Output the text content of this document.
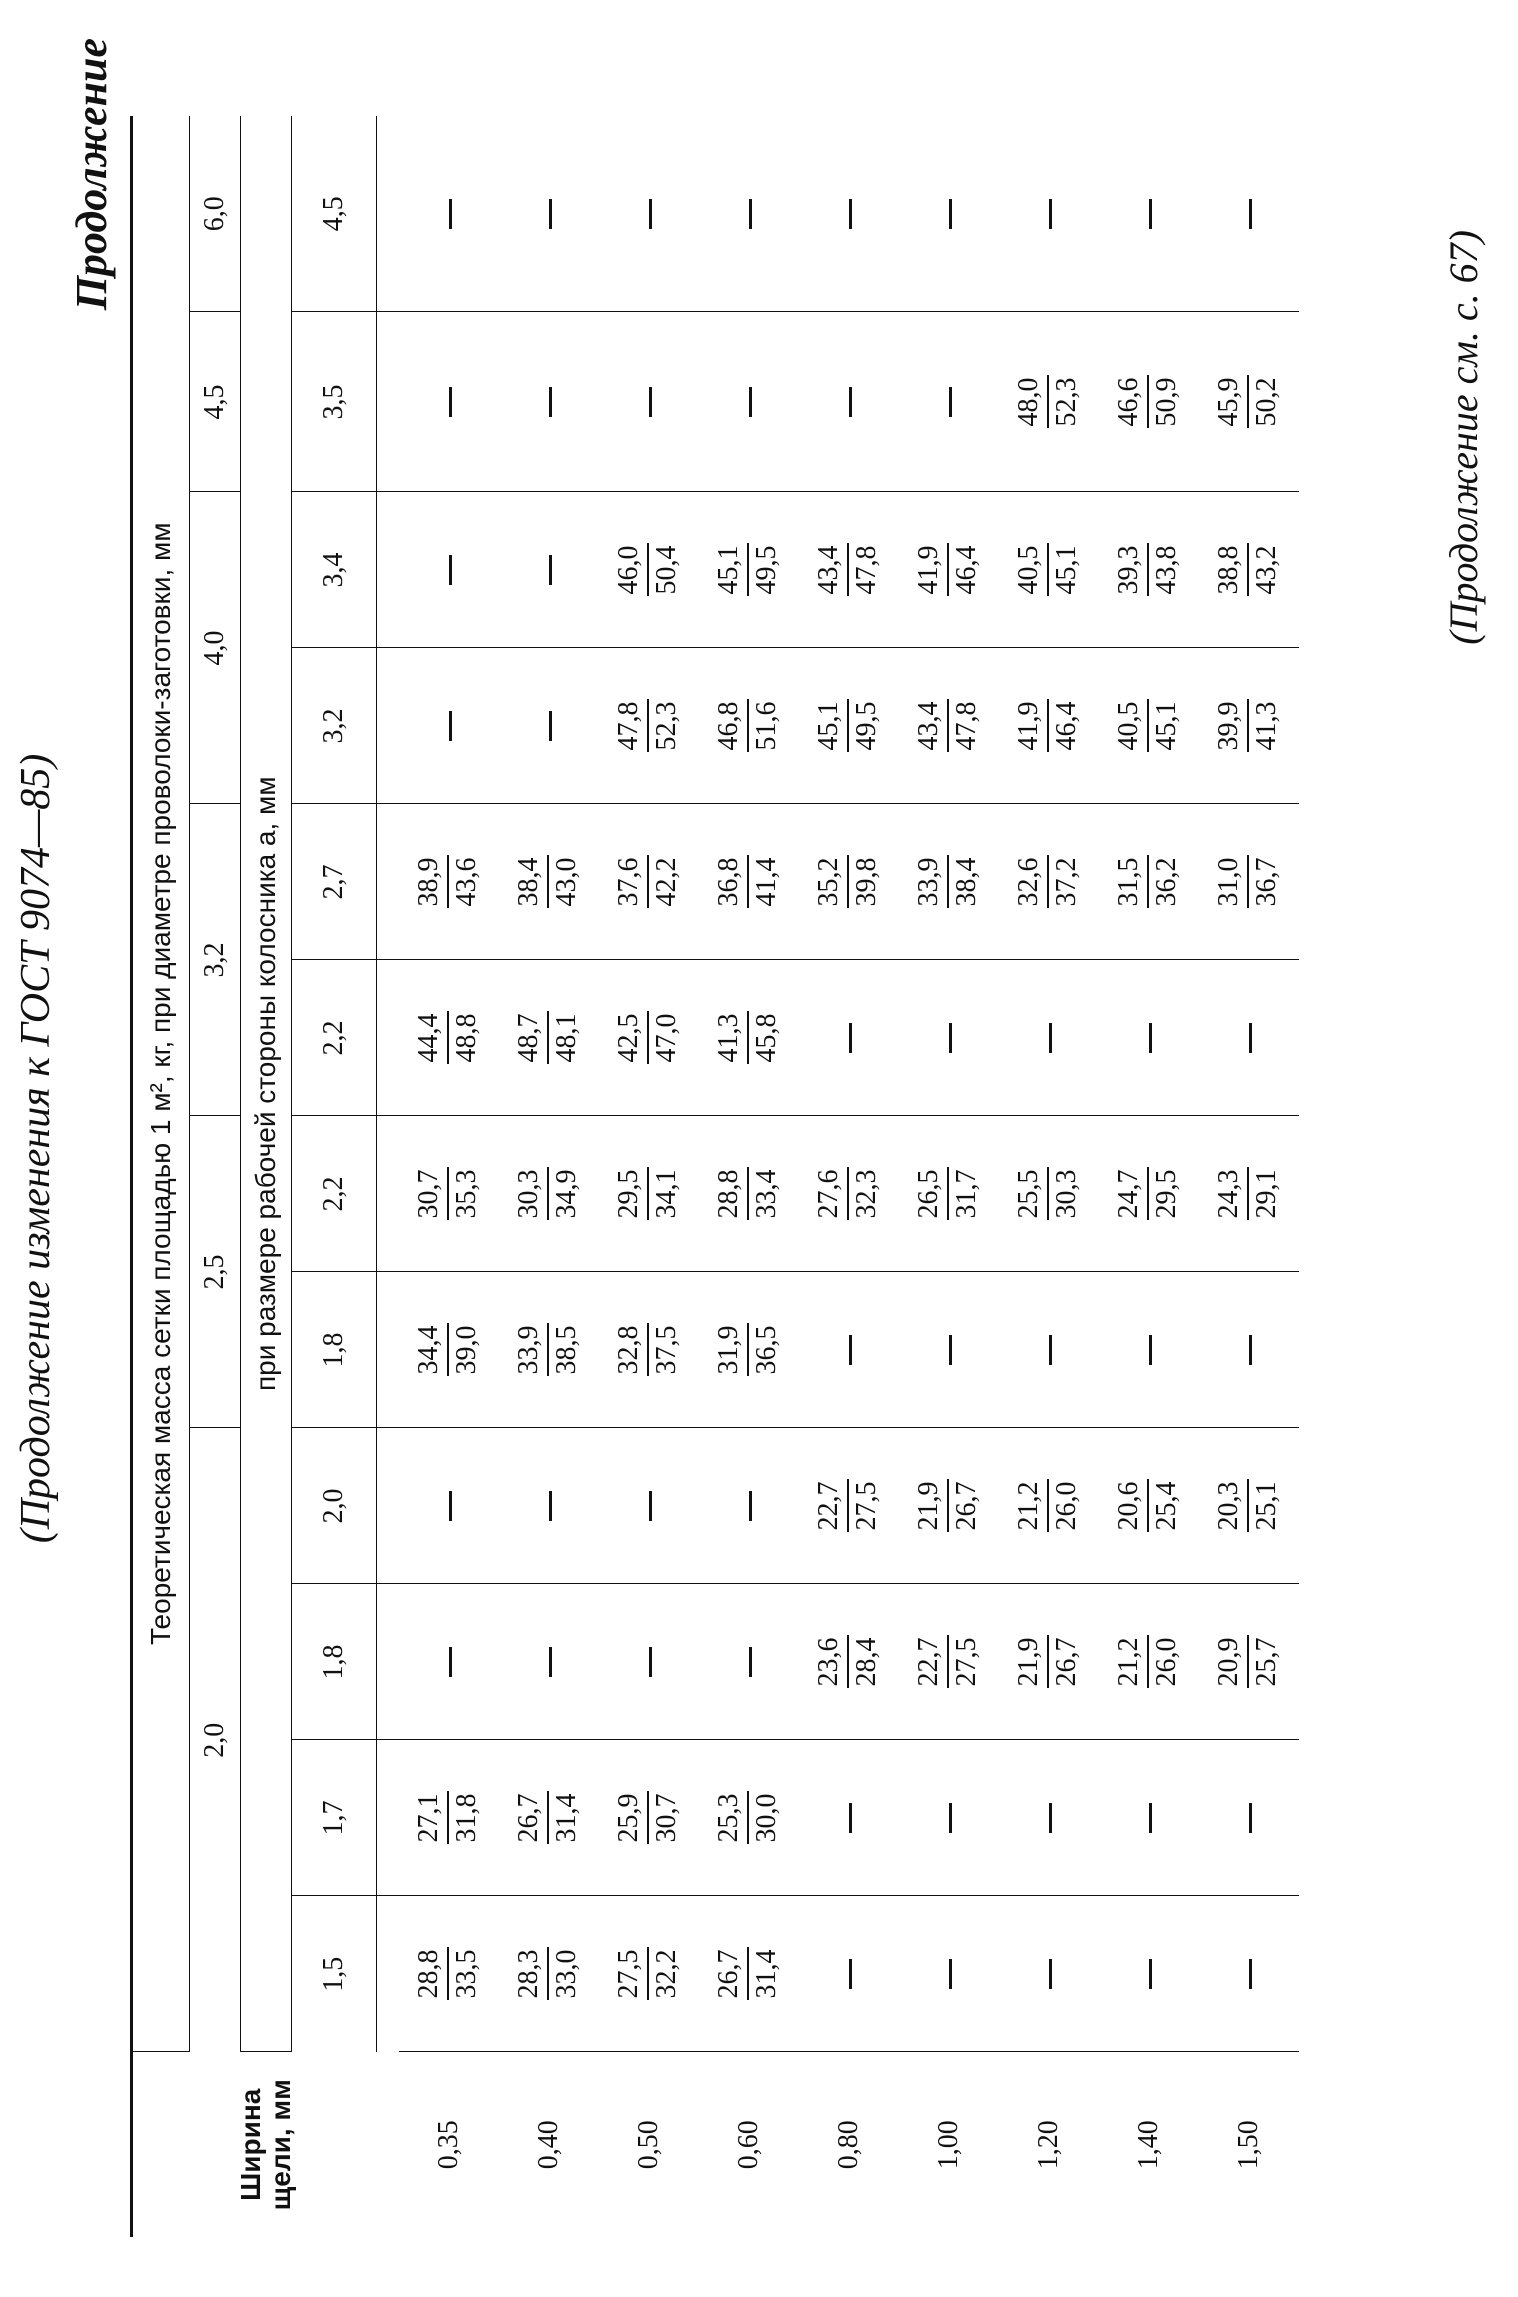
(Продолжение изменения к ГОСТ 9074—85)
Продолжение
Ширина щели, мм	Теоретическая масса сетки площадью 1 м², кг, при диаметре проволоки-заготовки, мм											
	2,0				2,5		3,2		4,0		4,5	6,0
	при размере рабочей стороны колосника a, мм											
	1,5	1,7	1,8	2,0	1,8	2,2	2,2	2,7	3,2	3,4	3,5	4,5

0,35	28,8 33,5	27,1 31,8			34,4 39,0	30,7 35,3	44,4 48,8	38,9 43,6				

0,40	28,3 33,0	26,7 31,4			33,9 38,5	30,3 34,9	48,7 48,1	38,4 43,0				

0,50	27,5 32,2	25,9 30,7			32,8 37,5	29,5 34,1	42,5 47,0	37,6 42,2	47,8 52,3	46,0 50,4		

0,60	26,7 31,4	25,3 30,0			31,9 36,5	28,8 33,4	41,3 45,8	36,8 41,4	46,8 51,6	45,1 49,5		

0,80			23,6 28,4	22,7 27,5		27,6 32,3		35,2 39,8	45,1 49,5	43,4 47,8		

1,00			22,7 27,5	21,9 26,7		26,5 31,7		33,9 38,4	43,4 47,8	41,9 46,4		

1,20			21,9 26,7	21,2 26,0		25,5 30,3		32,6 37,2	41,9 46,4	40,5 45,1	48,0 52,3	

1,40			21,2 26,0	20,6 25,4		24,7 29,5		31,5 36,2	40,5 45,1	39,3 43,8	46,6 50,9	

1,50			20,9 25,7	20,3 25,1		24,3 29,1		31,0 36,7	39,9 41,3	38,8 43,2	45,9 50,2	
		(Продолжение см. с. 67)
